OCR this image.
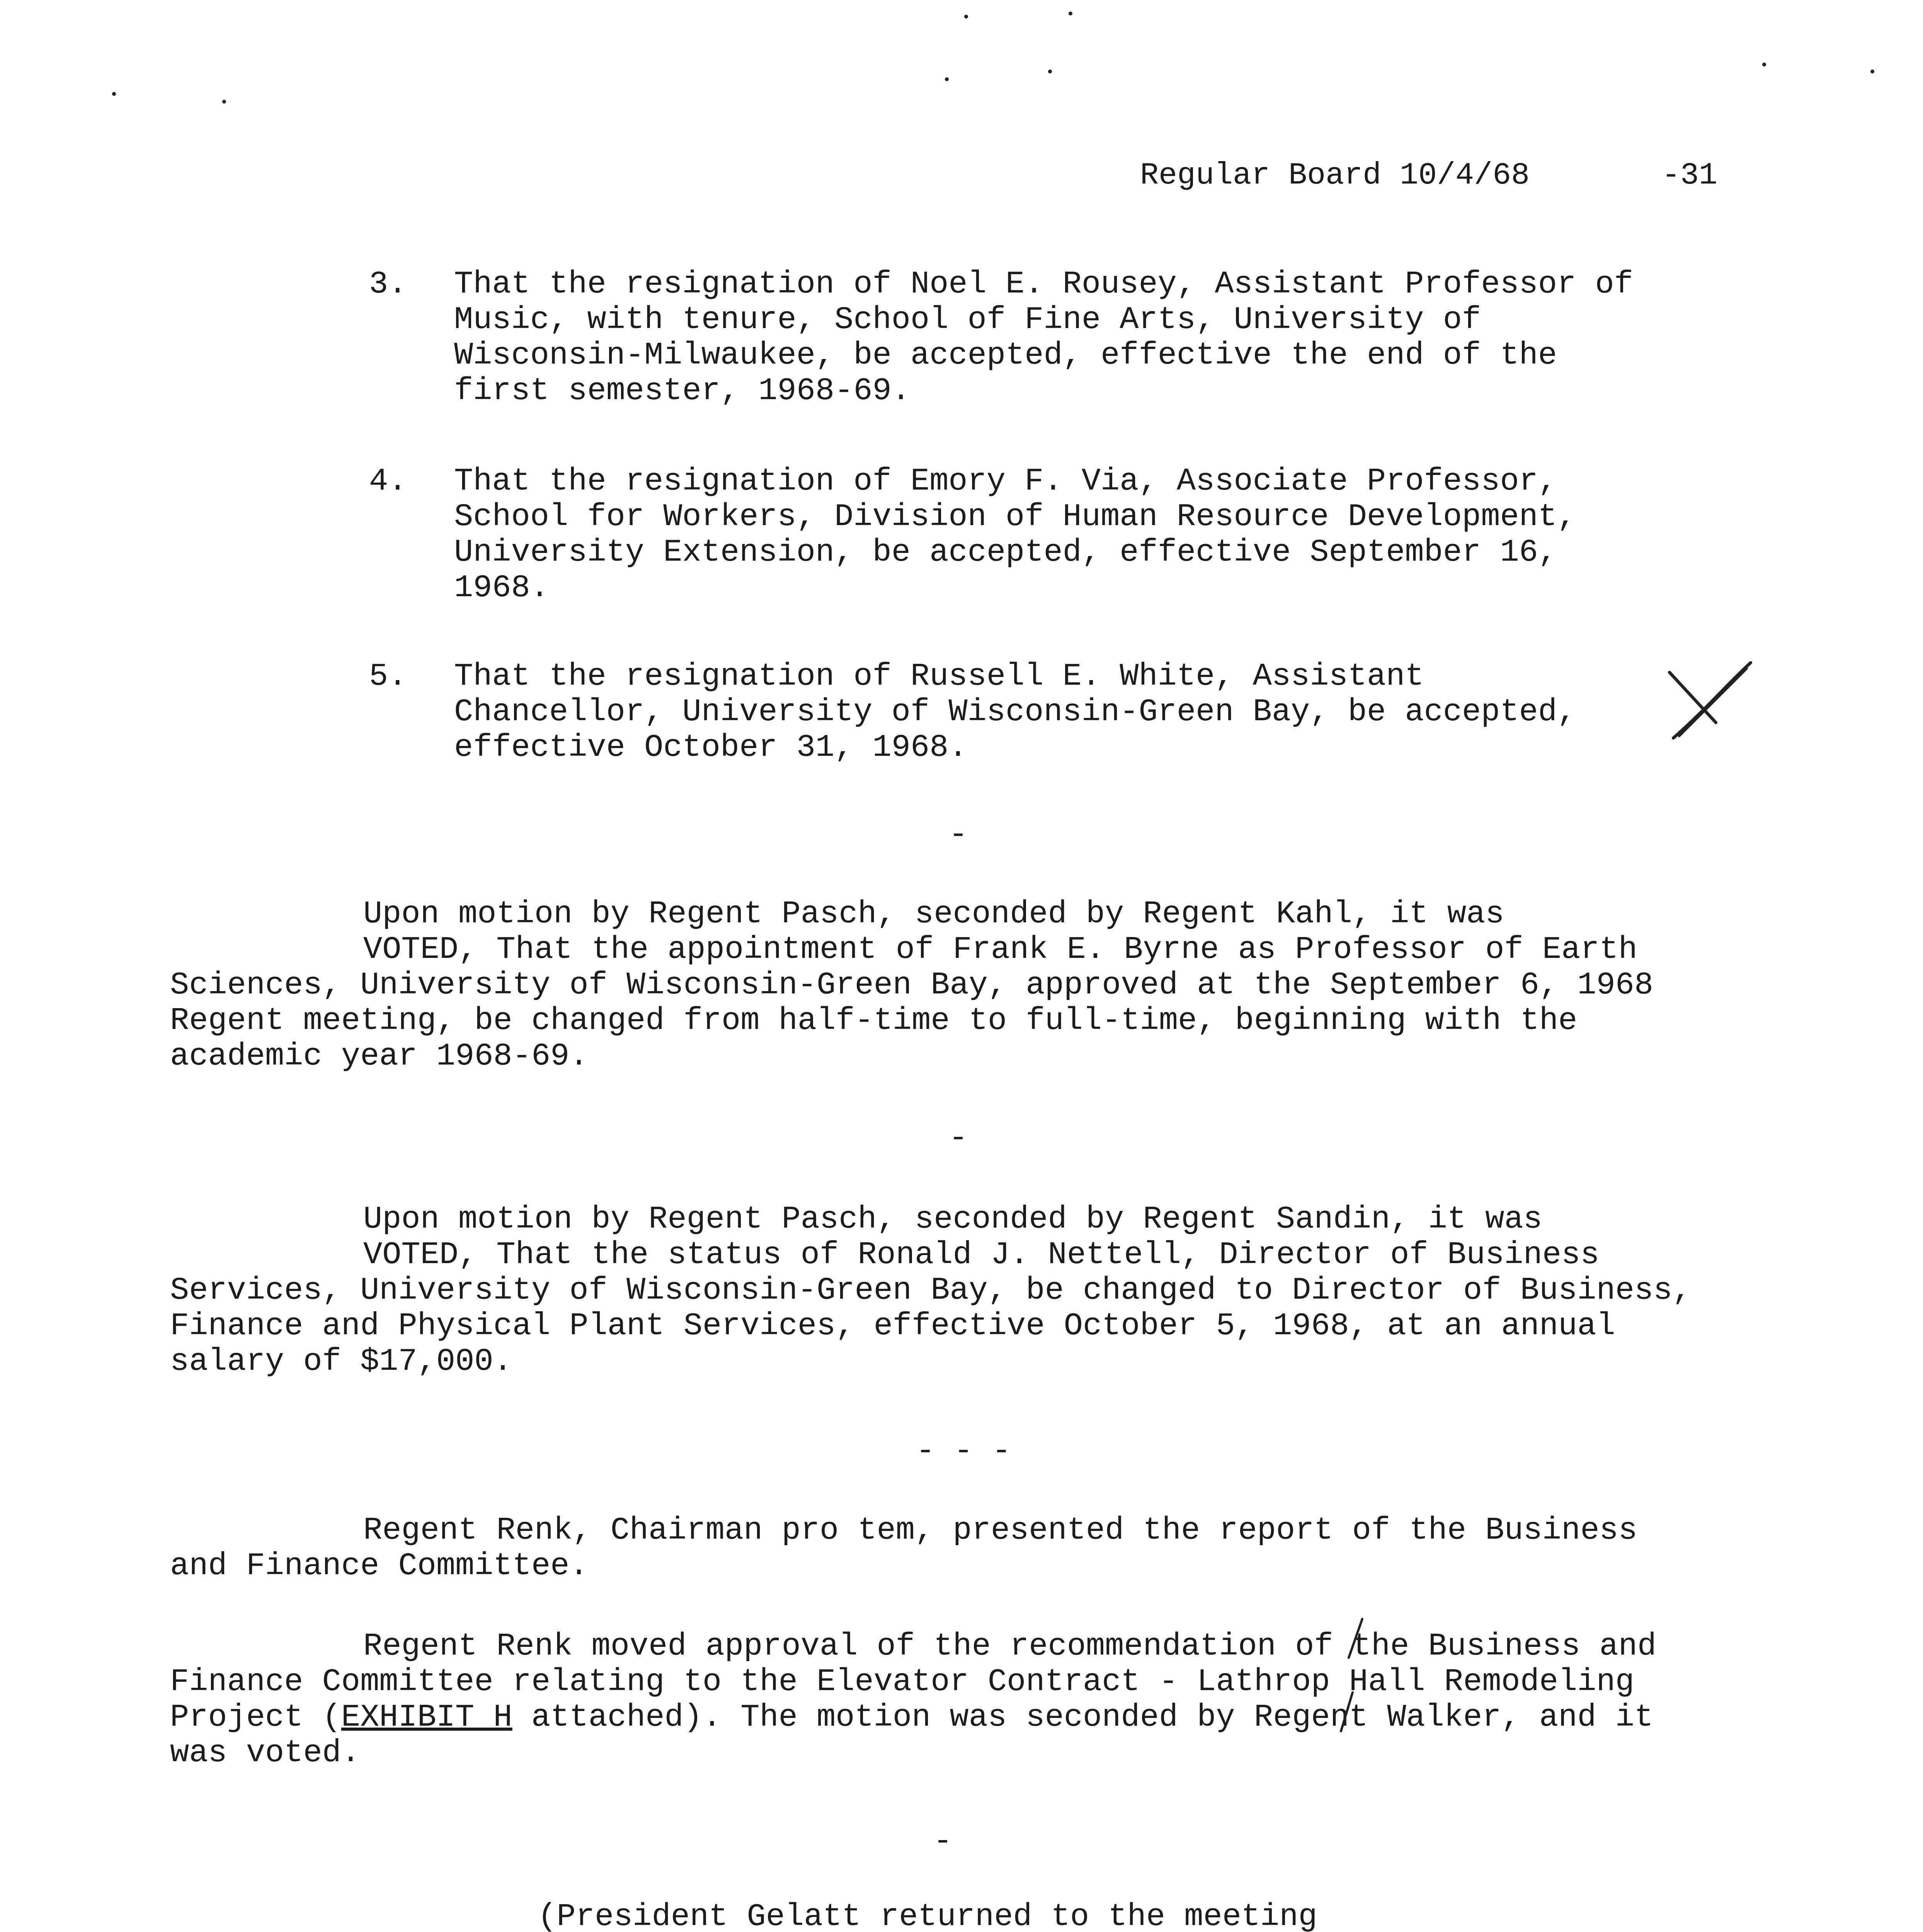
Regular Board 10/4/68	-31
3. That the resignation of Noel E. Rousey, Assistant Professor of Music, with tenure, School of Fine Arts, University of Wisconsin-Milwaukee, be accepted, effective the end of the first semester, 1968-69.
4. That the resignation of Emory F. Via, Associate Professor, School for Workers, Division of Human Resource Development, University Extension, be accepted, effective September 16, 1968.
5. That the resignation of Russell E. White, Assistant Chancellor, University of Wisconsin-Green Bay, be accepted, effective October 31, 1968.
-
Upon motion by Regent Pasch, seconded by Regent Kahl, it was
VOTED, That the appointment of Frank E. Byrne as Professor of Earth Sciences, University of Wisconsin-Green Bay, approved at the September 6, 1968 Regent meeting, be changed from half-time to full-time, beginning with the academic year 1968-69.
-
Upon motion by Regent Pasch, seconded by Regent Sandin, it was
VOTED, That the status of Ronald J. Nettell, Director of Business Services, University of Wisconsin-Green Bay, be changed to Director of Business, Finance and Physical Plant Services, effective October 5, 1968, at an annual salary of $17,000.
- - -
Regent Renk, Chairman pro tem, presented the report of the Business and Finance Committee.
Regent Renk moved approval of the recommendation of the Business and Finance Committee relating to the Elevator Contract - Lathrop Hall Remodeling Project (EXHIBIT H attached). The motion was seconded by Regent Walker, and it was voted.
-
(President Gelatt returned to the meeting
